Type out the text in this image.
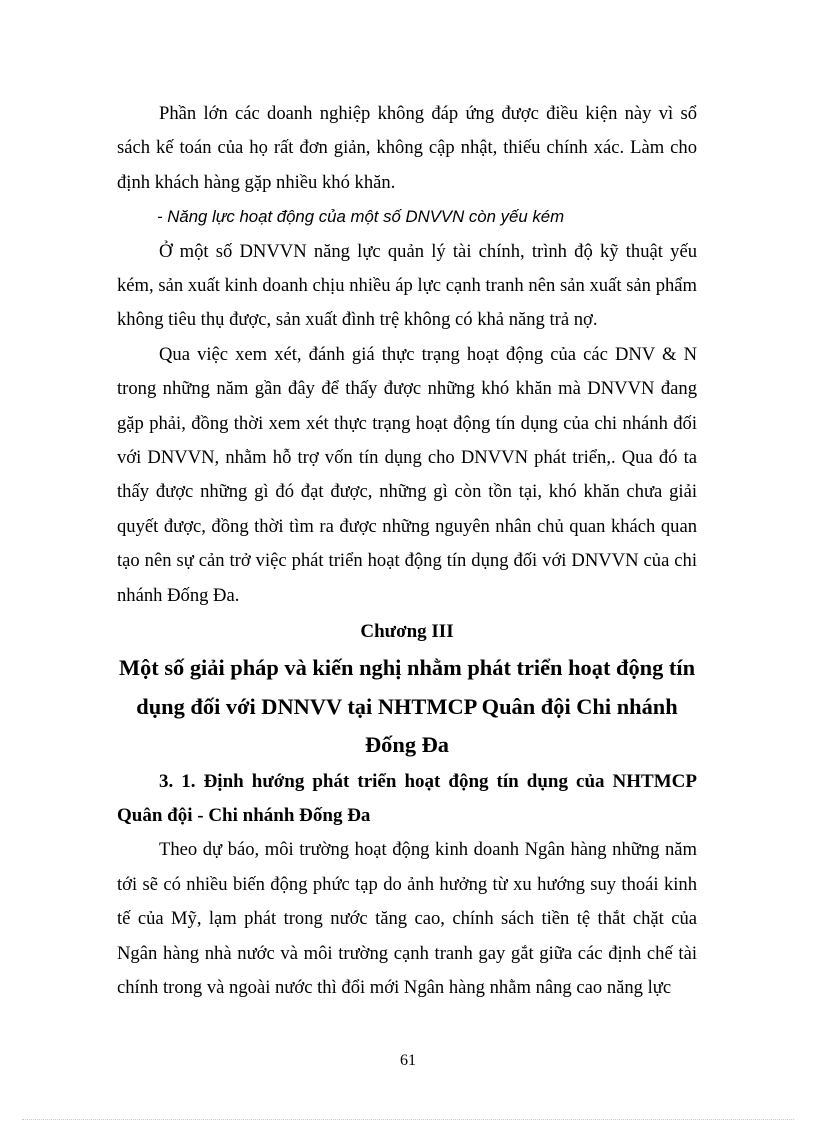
Phần lớn các doanh nghiệp không đáp ứng được điều kiện này vì sổ sách kế toán của họ rất đơn giản, không cập nhật, thiếu chính xác. Làm cho định khách hàng gặp nhiều khó khăn.

- Năng lực hoạt động của một số DNVVN còn yếu kém

Ở một số DNVVN năng lực quản lý tài chính, trình độ kỹ thuật yếu kém, sản xuất kinh doanh chịu nhiều áp lực cạnh tranh nên sản xuất sản phẩm không tiêu thụ được, sản xuất đình trệ không có khả năng trả nợ.

Qua việc xem xét, đánh giá thực trạng hoạt động của các DNV & N trong những năm gần đây để thấy được những khó khăn mà DNVVN đang gặp phải, đồng thời xem xét thực trạng hoạt động tín dụng của chi nhánh đối với DNVVN, nhằm hỗ trợ vốn tín dụng cho DNVVN phát triển,. Qua đó ta thấy được những gì đó đạt được, những gì còn tồn tại, khó khăn chưa giải quyết được, đồng thời tìm ra được những nguyên nhân chủ quan khách quan tạo nên sự cản trở việc phát triển hoạt động tín dụng đối với DNVVN của chi nhánh Đống Đa.

Chương III
Một số giải pháp và kiến nghị nhằm phát triển hoạt động tín dụng đối với DNNVV tại NHTMCP Quân đội Chi nhánh Đống Đa

3. 1. Định hướng phát triển hoạt động tín dụng của NHTMCP Quân đội - Chi nhánh Đống Đa

Theo dự báo, môi trường hoạt động kinh doanh Ngân hàng những năm tới sẽ có nhiều biến động phức tạp do ảnh hưởng từ xu hướng suy thoái kinh tế của Mỹ, lạm phát trong nước tăng cao, chính sách tiền tệ thắt chặt của Ngân hàng nhà nước và môi trường cạnh tranh gay gắt giữa các định chế tài chính trong và ngoài nước thì đổi mới Ngân hàng nhằm nâng cao năng lực

61
